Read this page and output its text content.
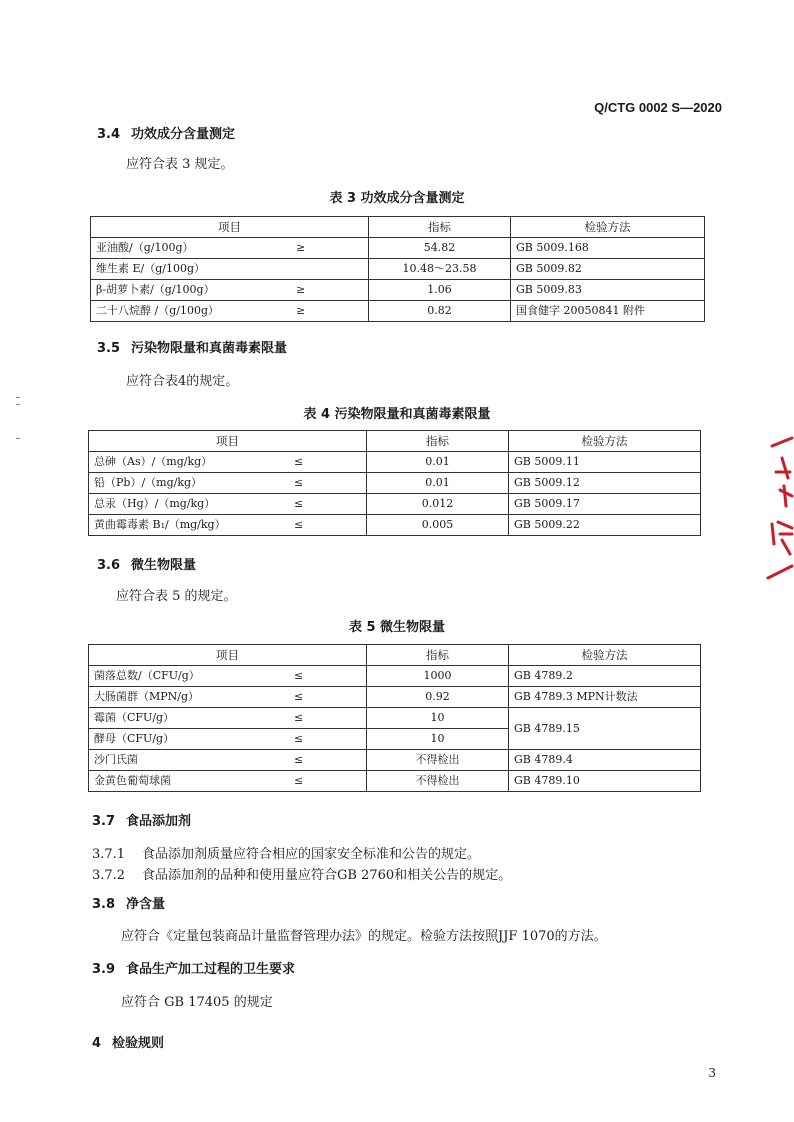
Q/CTG 0002 S—2020
3.4 功效成分含量测定
应符合表 3 规定。
表 3 功效成分含量测定
项目	指标	检验方法
亚油酸/（g/100g） ≥	54.82	GB 5009.168
维生素 E/（g/100g）	10.48～23.58	GB 5009.82
β-胡萝卜素/（g/100g） ≥	1.06	GB 5009.83
二十八烷醇 /（g/100g） ≥	0.82	国食健字 20050841 附件
3.5 污染物限量和真菌毒素限量
应符合表4的规定。
表 4 污染物限量和真菌毒素限量
项目	指标	检验方法
总砷（As）/（mg/kg） ≤	0.01	GB 5009.11
铅（Pb）/（mg/kg） ≤	0.01	GB 5009.12
总汞（Hg）/（mg/kg） ≤	0.012	GB 5009.17
黄曲霉毒素 B₁/（mg/kg） ≤	0.005	GB 5009.22
3.6 微生物限量
应符合表 5 的规定。
表 5 微生物限量
项目	指标	检验方法
菌落总数/（CFU/g） ≤	1000	GB 4789.2
大肠菌群（MPN/g） ≤	0.92	GB 4789.3 MPN计数法
霉菌（CFU/g） ≤	10	GB 4789.15
酵母（CFU/g） ≤	10	
沙门氏菌 ≤	不得检出	GB 4789.4
金黄色葡萄球菌 ≤	不得检出	GB 4789.10
3.7 食品添加剂
3.7.1 食品添加剂质量应符合相应的国家安全标准和公告的规定。
3.7.2 食品添加剂的品种和使用量应符合GB 2760和相关公告的规定。
3.8 净含量
应符合《定量包装商品计量监督管理办法》的规定。检验方法按照JJF 1070的方法。
3.9 食品生产加工过程的卫生要求
应符合 GB 17405 的规定
4 检验规则
3
